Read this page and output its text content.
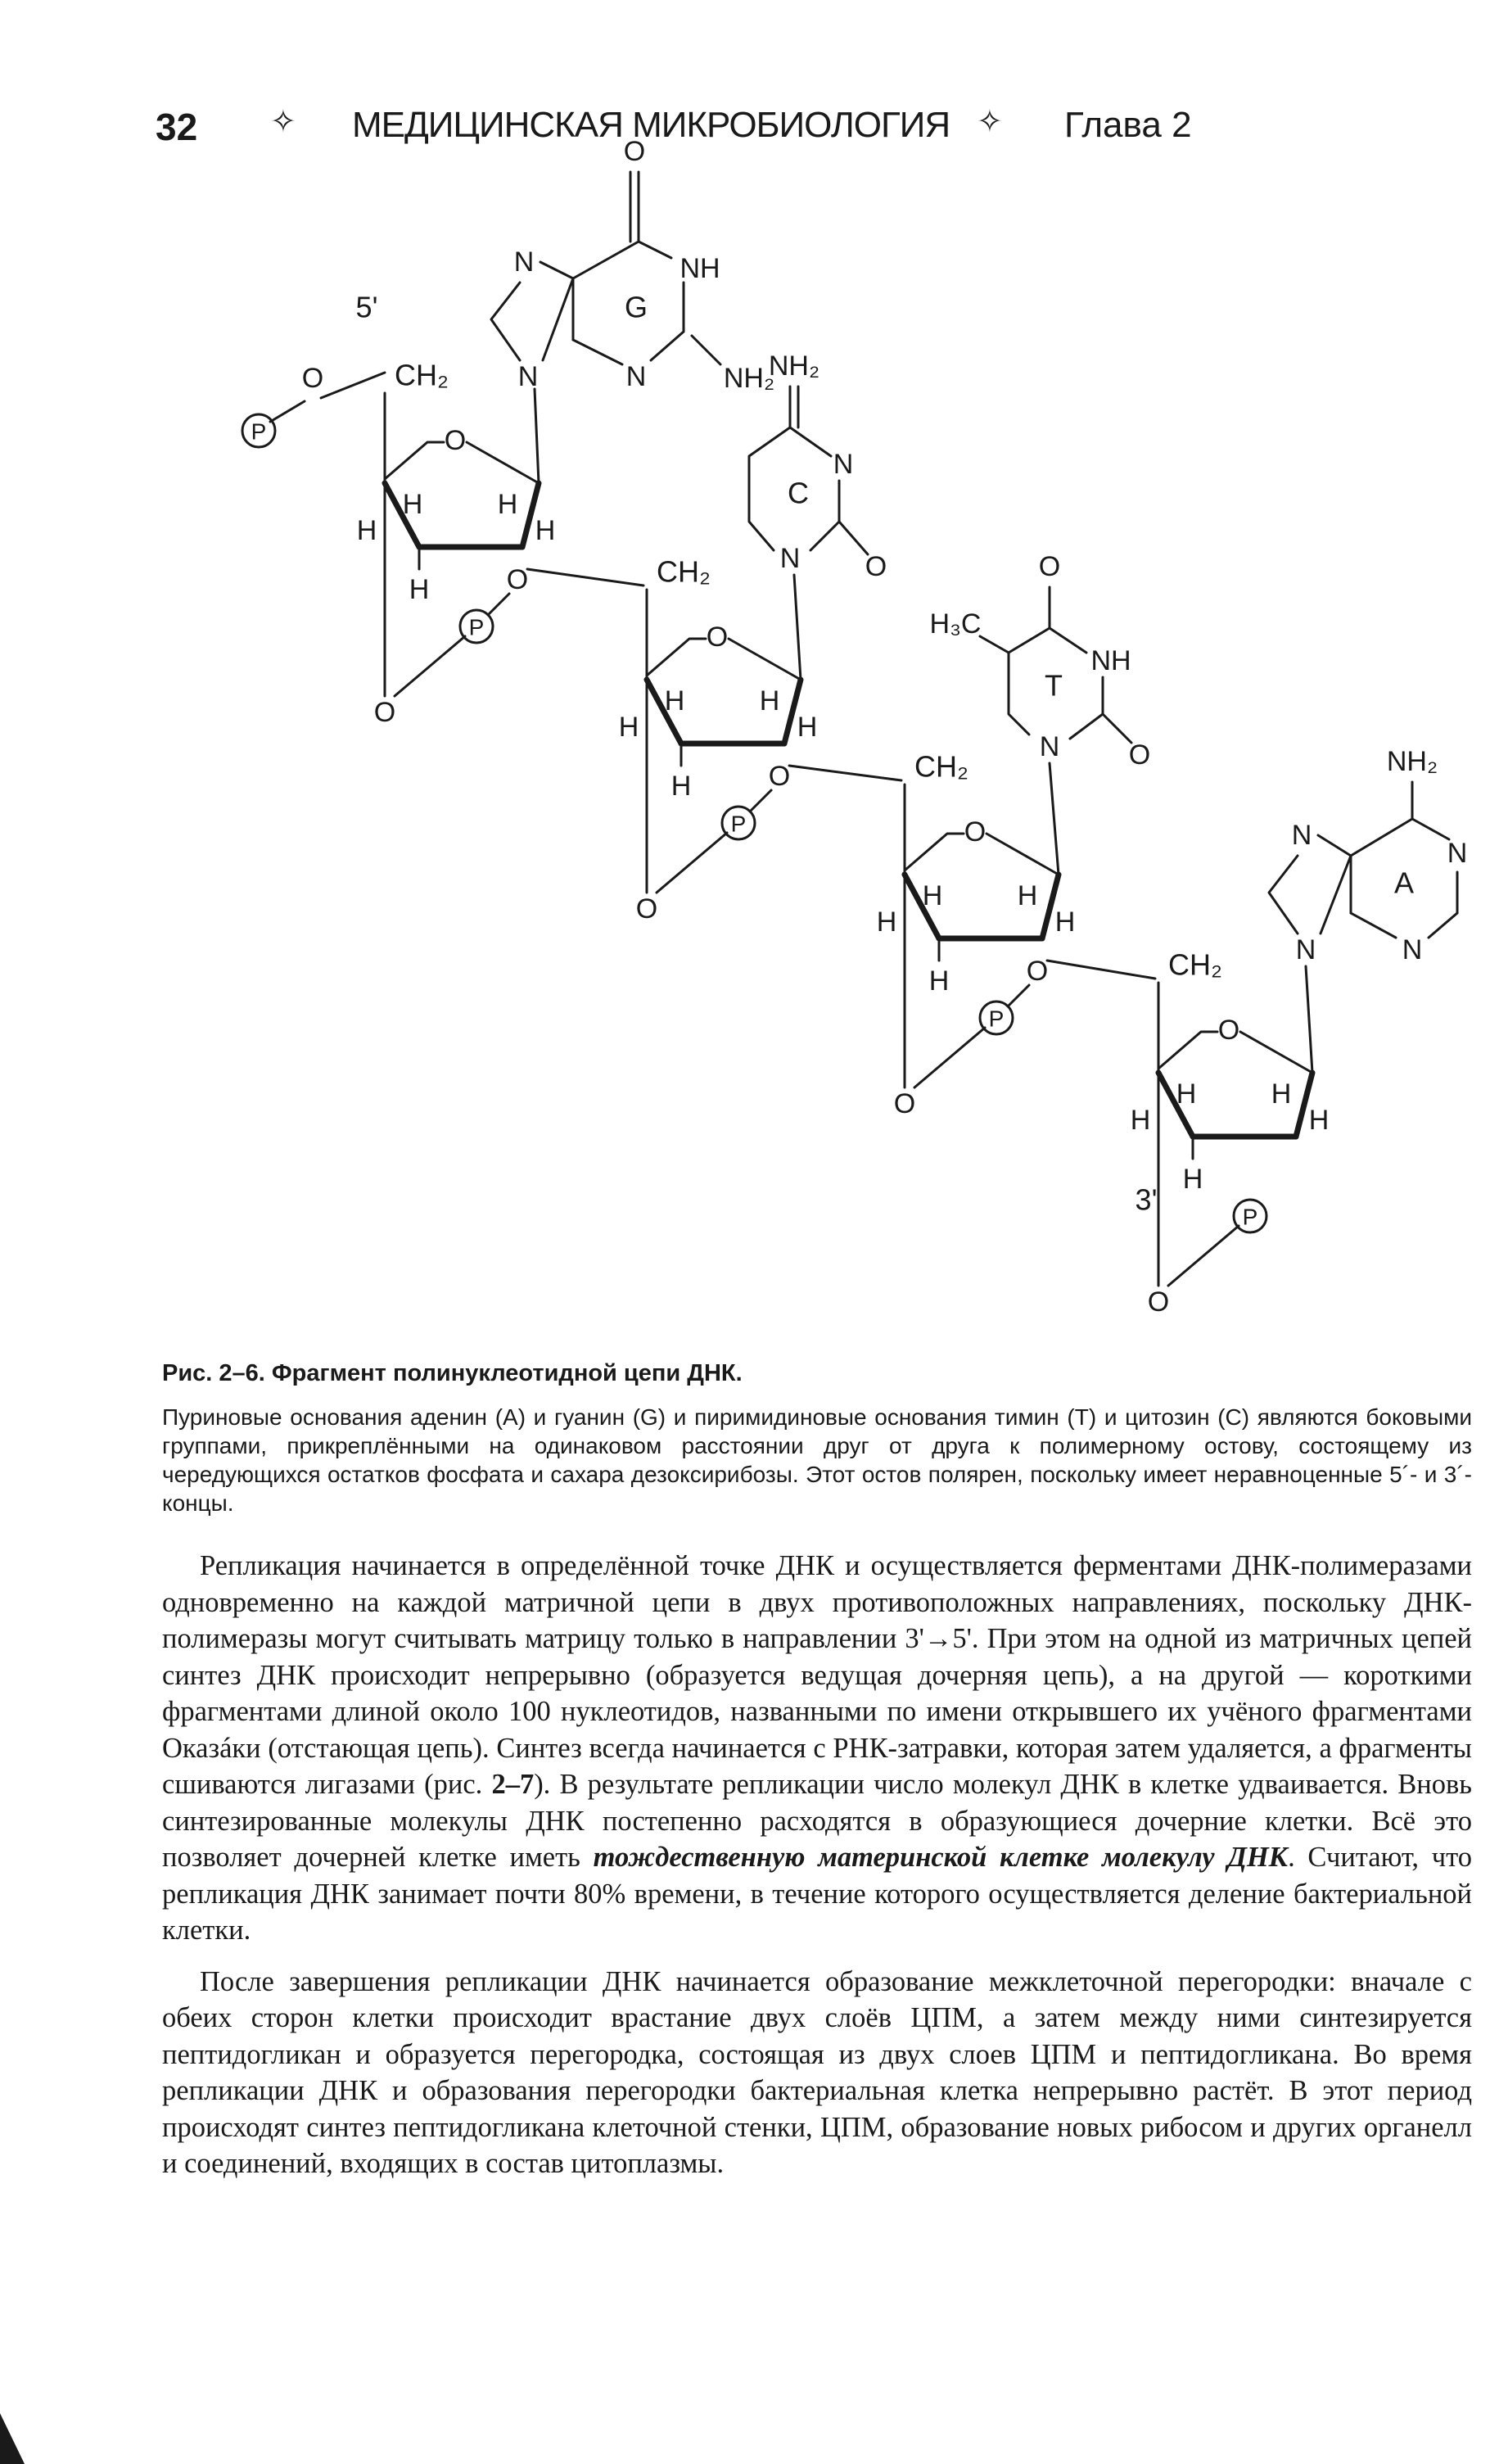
32 ✧ МЕДИЦИНСКАЯ МИКРОБИОЛОГИЯ ✧ Глава 2
O
H	H
H	H
H
CH₂
O
H	H
H	H
H
CH₂
O
H	H
H	H
H
CH₂
O
H	H
H	H
H
CH₂
5'
O
P
O
P
O
O
P
O
O
P
O
O
P
3'
N
N
O
NH
N	NH₂
G
N
NH₂
N
O
C
N
H₃C
O
NH
O
T
N
N
NH₂
N
N
A
Рис. 2–6. Фрагмент полинуклеотидной цепи ДНК.
Пуриновые основания аденин (А) и гуанин (G) и пиримидиновые основания тимин (Т) и цитозин (С) являются боковыми группами, прикреплёнными на одинаковом расстоянии друг от друга к полимерному остову, состоящему из чередующихся остатков фосфата и сахара дезоксирибозы. Этот остов полярен, поскольку имеет неравноценные 5´- и 3´-концы.

Репликация начинается в определённой точке ДНК и осуществляется ферментами ДНК-полимеразами одновременно на каждой матричной цепи в двух противоположных направлениях, поскольку ДНК-полимеразы могут считывать матрицу только в направлении 3'→5'. При этом на одной из матричных цепей синтез ДНК происходит непрерывно (образуется ведущая дочерняя цепь), а на другой — короткими фрагментами длиной около 100 нуклеотидов, названными по имени открывшего их учёного фрагментами Оказáки (отстающая цепь). Синтез всегда начинается с РНК-затравки, которая затем удаляется, а фрагменты сшиваются лигазами (рис. 2–7). В результате репликации число молекул ДНК в клетке удваивается. Вновь синтезированные молекулы ДНК постепенно расходятся в образующиеся дочерние клетки. Всё это позволяет дочерней клетке иметь тождественную материнской клетке молекулу ДНК. Считают, что репликация ДНК занимает почти 80% времени, в течение которого осуществляется деление бактериальной клетки.

После завершения репликации ДНК начинается образование межклеточной перегородки: вначале с обеих сторон клетки происходит врастание двух слоёв ЦПМ, а затем между ними синтезируется пептидогликан и образуется перегородка, состоящая из двух слоев ЦПМ и пептидогликана. Во время репликации ДНК и образования перегородки бактериальная клетка непрерывно растёт. В этот период происходят синтез пептидогликана клеточной стенки, ЦПМ, образование новых рибосом и других органелл и соединений, входящих в состав цитоплазмы.
